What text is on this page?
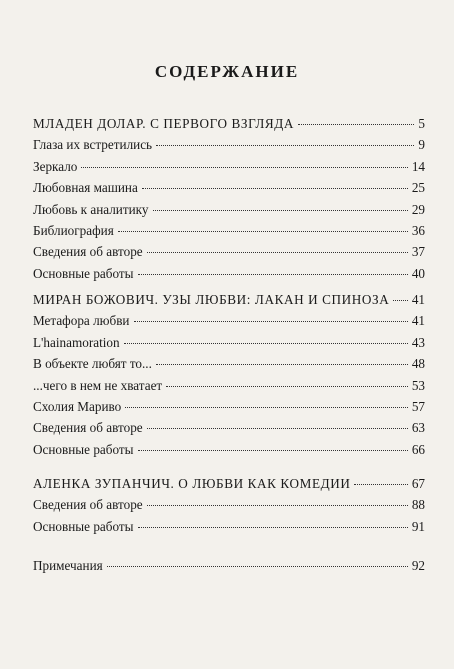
СОДЕРЖАНИЕ
МЛАДЕН ДОЛАР. С ПЕРВОГО ВЗГЛЯДА	5
Глаза их встретились	9
Зеркало	14
Любовная машина	25
Любовь к аналитику	29
Библиография	36
Сведения об авторе	37
Основные работы	40
МИРАН БОЖОВИЧ. УЗЫ ЛЮБВИ: ЛАКАН И СПИНОЗА 41
Метафора любви	41
L'hainamoration	43
В объекте любят то...	48
...чего в нем не хватает	53
Схолия Мариво	57
Сведения об авторе	63
Основные работы	66
АЛЕНКА ЗУПАНЧИЧ. О ЛЮБВИ КАК КОМЕДИИ	67
Сведения об авторе	88
Основные работы	91
Примечания	92
